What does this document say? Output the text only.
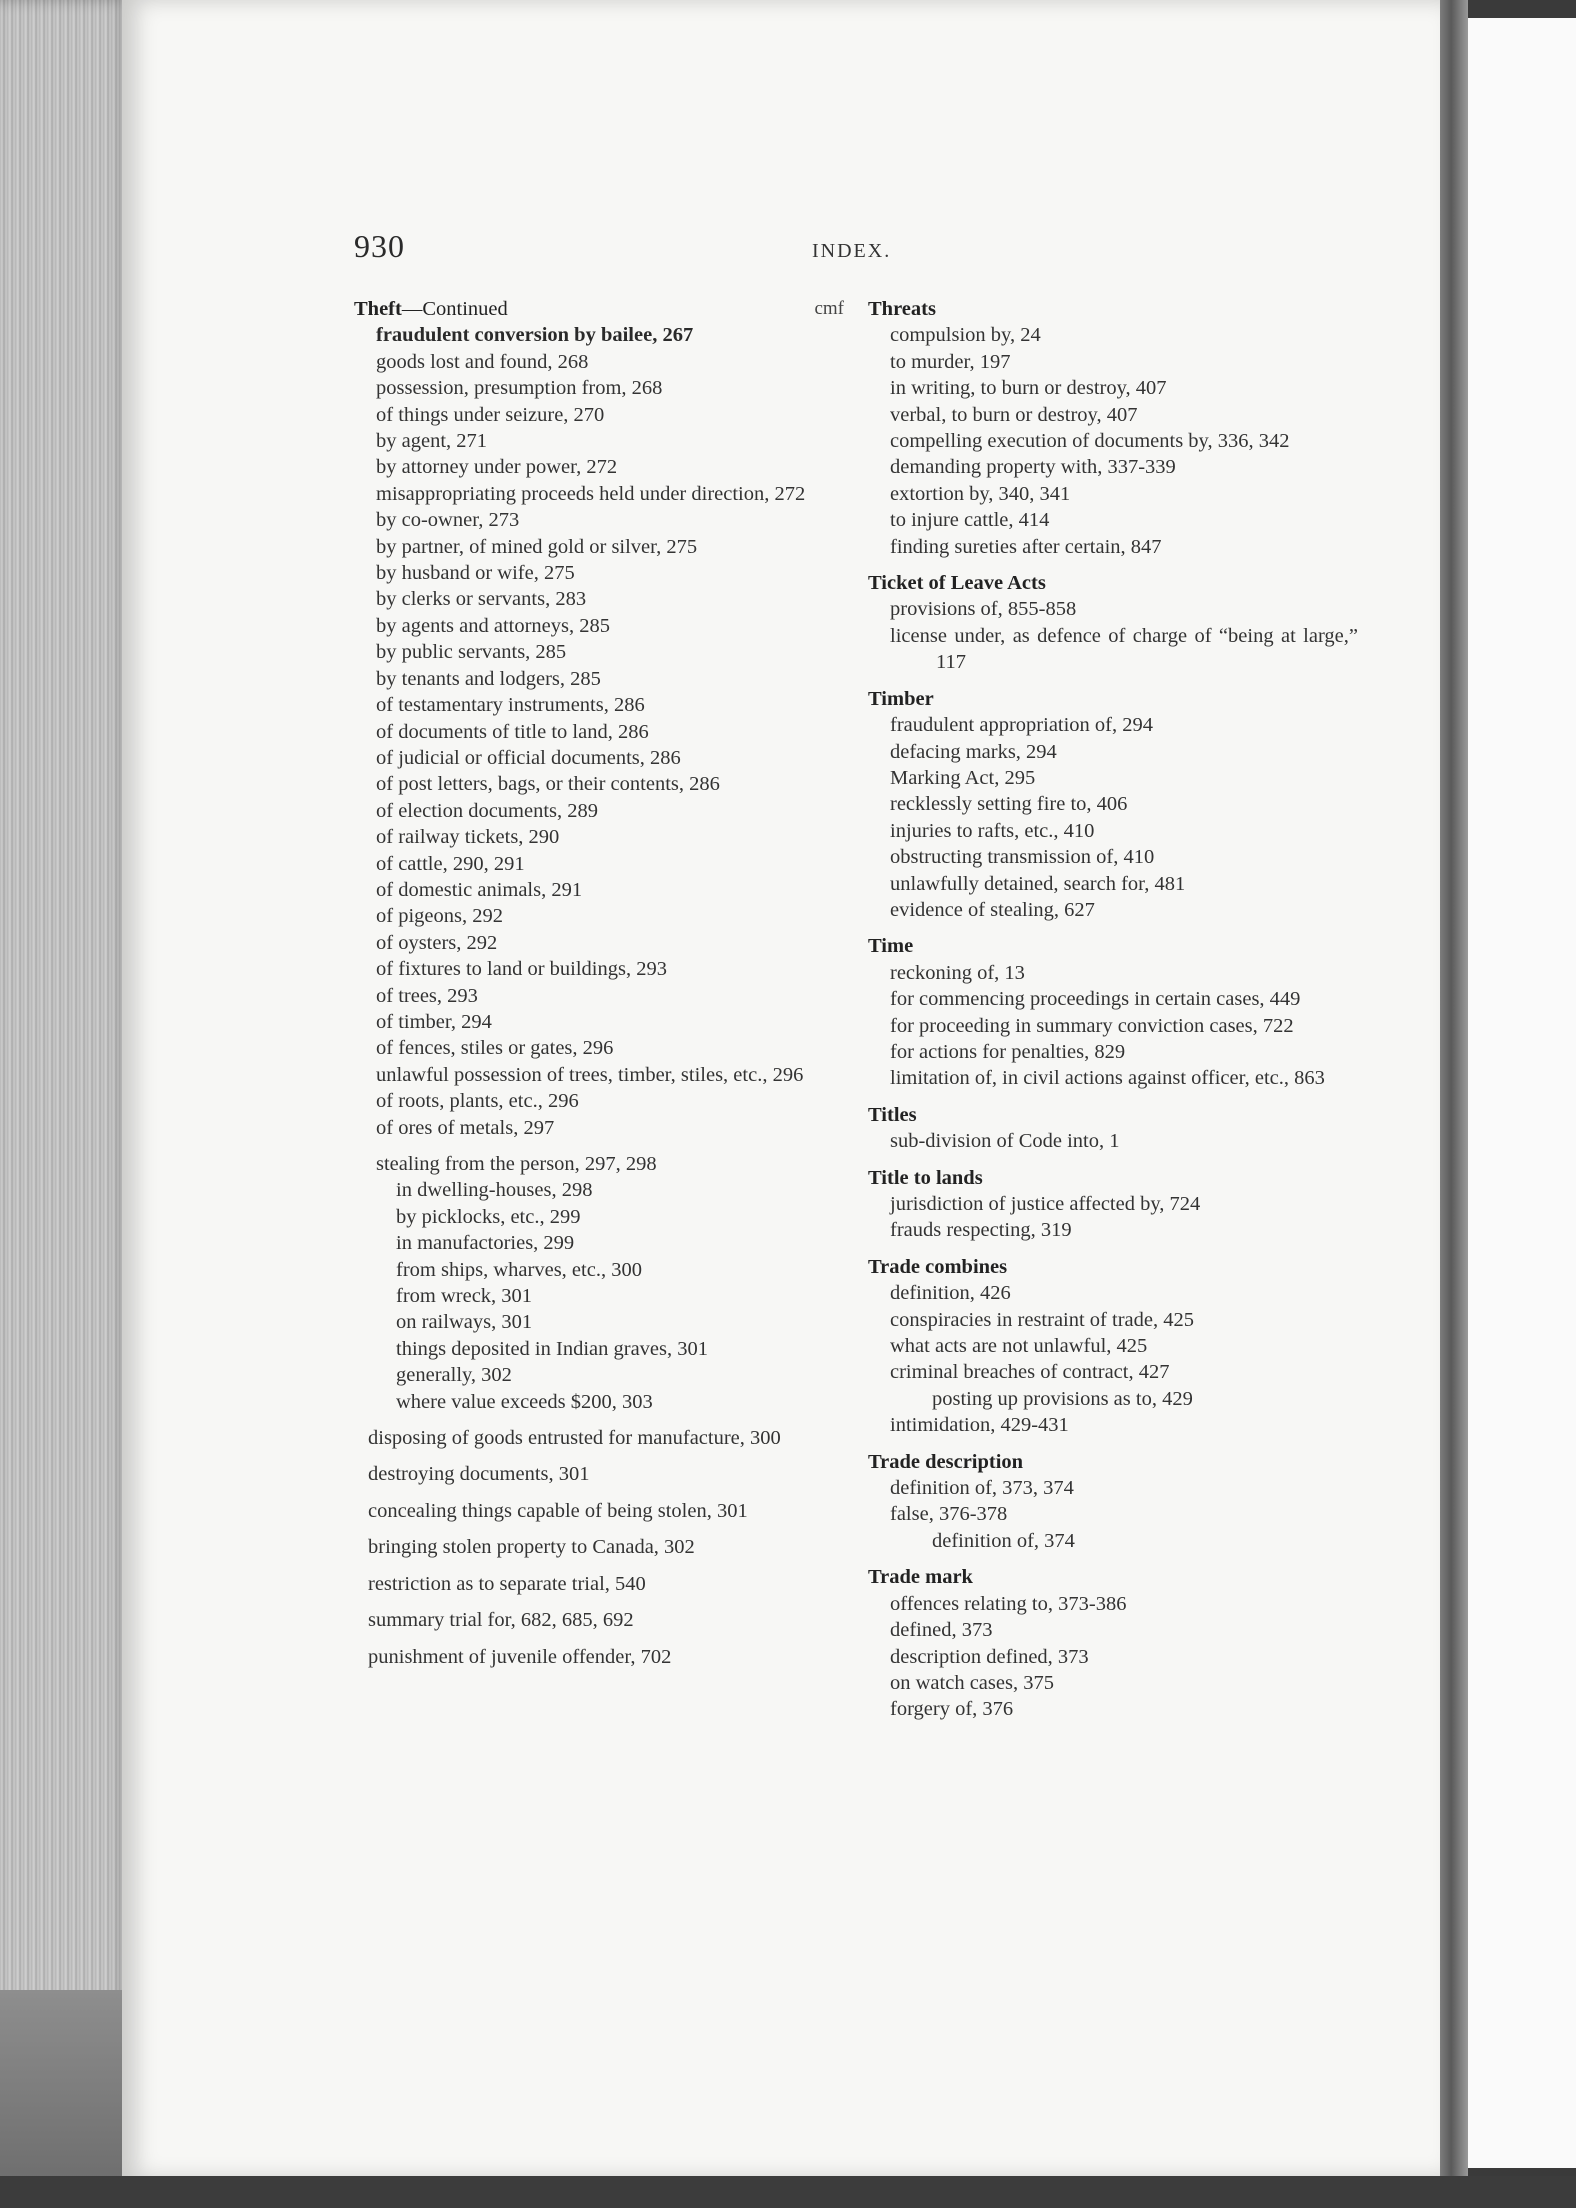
930	INDEX.
Theft—Continued	cmf
fraudulent conversion by bailee, 267
goods lost and found, 268
possession, presumption from, 268
of things under seizure, 270
by agent, 271
by attorney under power, 272
misappropriating proceeds held under direction, 272
by co-owner, 273
by partner, of mined gold or silver, 275
by husband or wife, 275
by clerks or servants, 283
by agents and attorneys, 285
by public servants, 285
by tenants and lodgers, 285
of testamentary instruments, 286
of documents of title to land, 286
of judicial or official documents, 286
of post letters, bags, or their contents, 286
of election documents, 289
of railway tickets, 290
of cattle, 290, 291
of domestic animals, 291
of pigeons, 292
of oysters, 292
of fixtures to land or buildings, 293
of trees, 293
of timber, 294
of fences, stiles or gates, 296
unlawful possession of trees, timber, stiles, etc., 296
of roots, plants, etc., 296
of ores of metals, 297
stealing from the person, 297, 298
in dwelling-houses, 298
by picklocks, etc., 299
in manufactories, 299
from ships, wharves, etc., 300
from wreck, 301
on railways, 301
things deposited in Indian graves, 301
generally, 302
where value exceeds $200, 303
disposing of goods entrusted for manufacture, 300
destroying documents, 301
concealing things capable of being stolen, 301
bringing stolen property to Canada, 302
restriction as to separate trial, 540
summary trial for, 682, 685, 692
punishment of juvenile offender, 702
Threats
compulsion by, 24
to murder, 197
in writing, to burn or destroy, 407
verbal, to burn or destroy, 407
compelling execution of documents by, 336, 342
demanding property with, 337-339
extortion by, 340, 341
to injure cattle, 414
finding sureties after certain, 847
Ticket of Leave Acts
provisions of, 855-858
license under, as defence of charge of “being at large,” 117
Timber
fraudulent appropriation of, 294
defacing marks, 294
Marking Act, 295
recklessly setting fire to, 406
injuries to rafts, etc., 410
obstructing transmission of, 410
unlawfully detained, search for, 481
evidence of stealing, 627
Time
reckoning of, 13
for commencing proceedings in certain cases, 449
for proceeding in summary conviction cases, 722
for actions for penalties, 829
limitation of, in civil actions against officer, etc., 863
Titles
sub-division of Code into, 1
Title to lands
jurisdiction of justice affected by, 724
frauds respecting, 319
Trade combines
definition, 426
conspiracies in restraint of trade, 425
what acts are not unlawful, 425
criminal breaches of contract, 427
posting up provisions as to, 429
intimidation, 429-431
Trade description
definition of, 373, 374
false, 376-378
definition of, 374
Trade mark
offences relating to, 373-386
defined, 373
description defined, 373
on watch cases, 375
forgery of, 376
